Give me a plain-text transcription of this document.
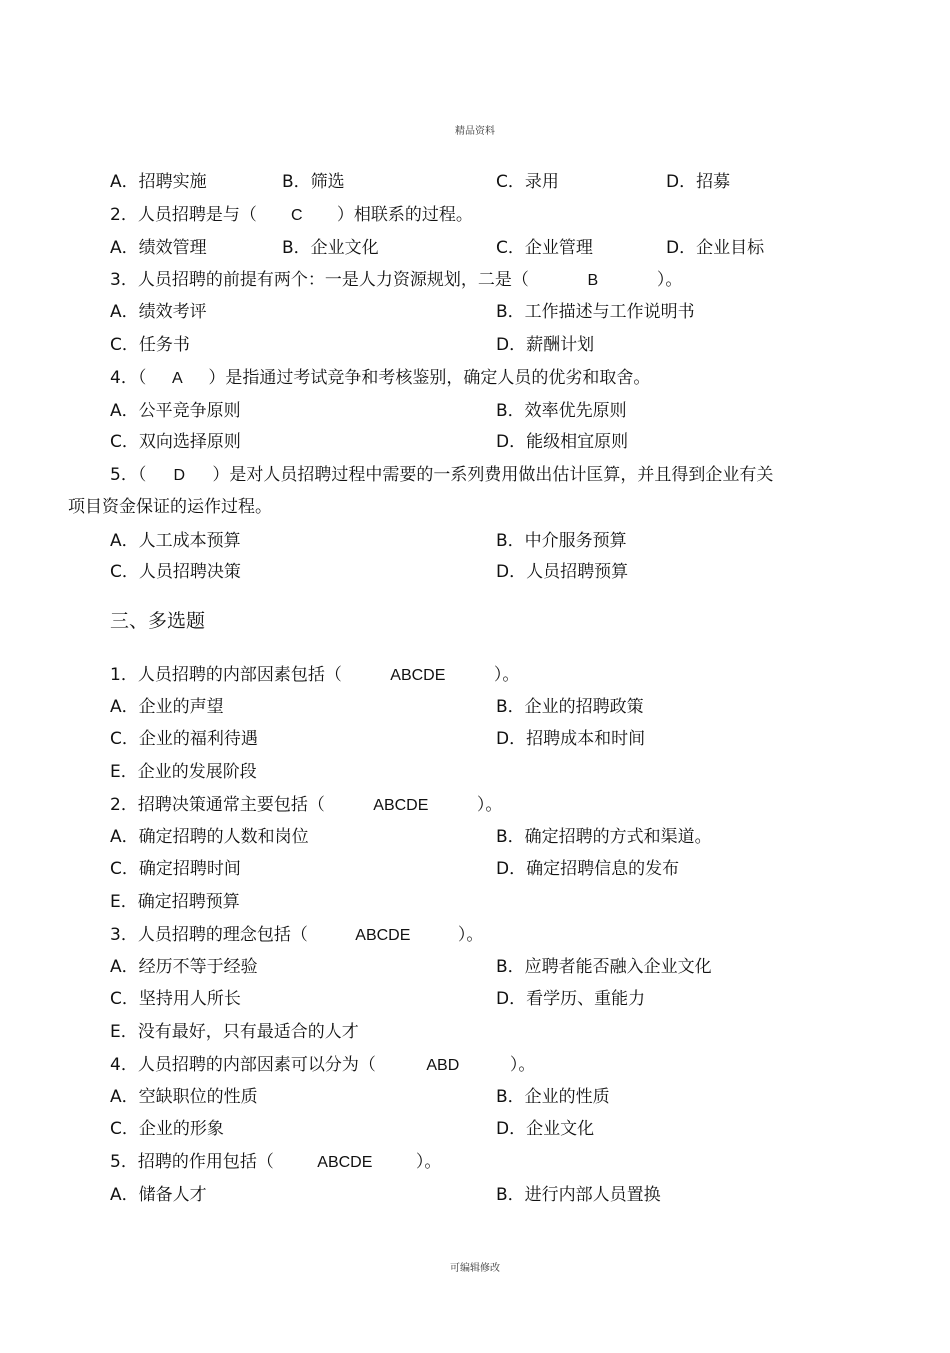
精品资料
A．招聘实施	B．筛选	C．录用	D．招募
2．人员招聘是与（ C ）相联系的过程。
A．绩效管理	B．企业文化	C．企业管理	D．企业目标
3．人员招聘的前提有两个：一是人力资源规划，二是（	B	）。
A．绩效考评	B．工作描述与工作说明书
C．任务书	D．薪酬计划
4．（ A ）是指通过考试竞争和考核鉴别，确定人员的优劣和取舍。
A．公平竞争原则	B．效率优先原则
C．双向选择原则	D．能级相宜原则
5．（ D ）是对人员招聘过程中需要的一系列费用做出估计匡算，并且得到企业有关
项目资金保证的运作过程。
A．人工成本预算	B．中介服务预算
C．人员招聘决策	D．人员招聘预算
三、多选题
1．人员招聘的内部因素包括（	ABCDE	）。
A．企业的声望	B．企业的招聘政策
C．企业的福利待遇	D．招聘成本和时间
E．企业的发展阶段
2．招聘决策通常主要包括（	ABCDE	）。
A．确定招聘的人数和岗位	B．确定招聘的方式和渠道。
C．确定招聘时间	D．确定招聘信息的发布
E．确定招聘预算
3．人员招聘的理念包括（	ABCDE	）。
A．经历不等于经验	B．应聘者能否融入企业文化
C．坚持用人所长	D．看学历、重能力
E．没有最好，只有最适合的人才
4．人员招聘的内部因素可以分为（	ABD	）。
A．空缺职位的性质	B．企业的性质
C．企业的形象	D．企业文化
5．招聘的作用包括（	ABCDE	）。
A．储备人才	B．进行内部人员置换
可编辑修改
